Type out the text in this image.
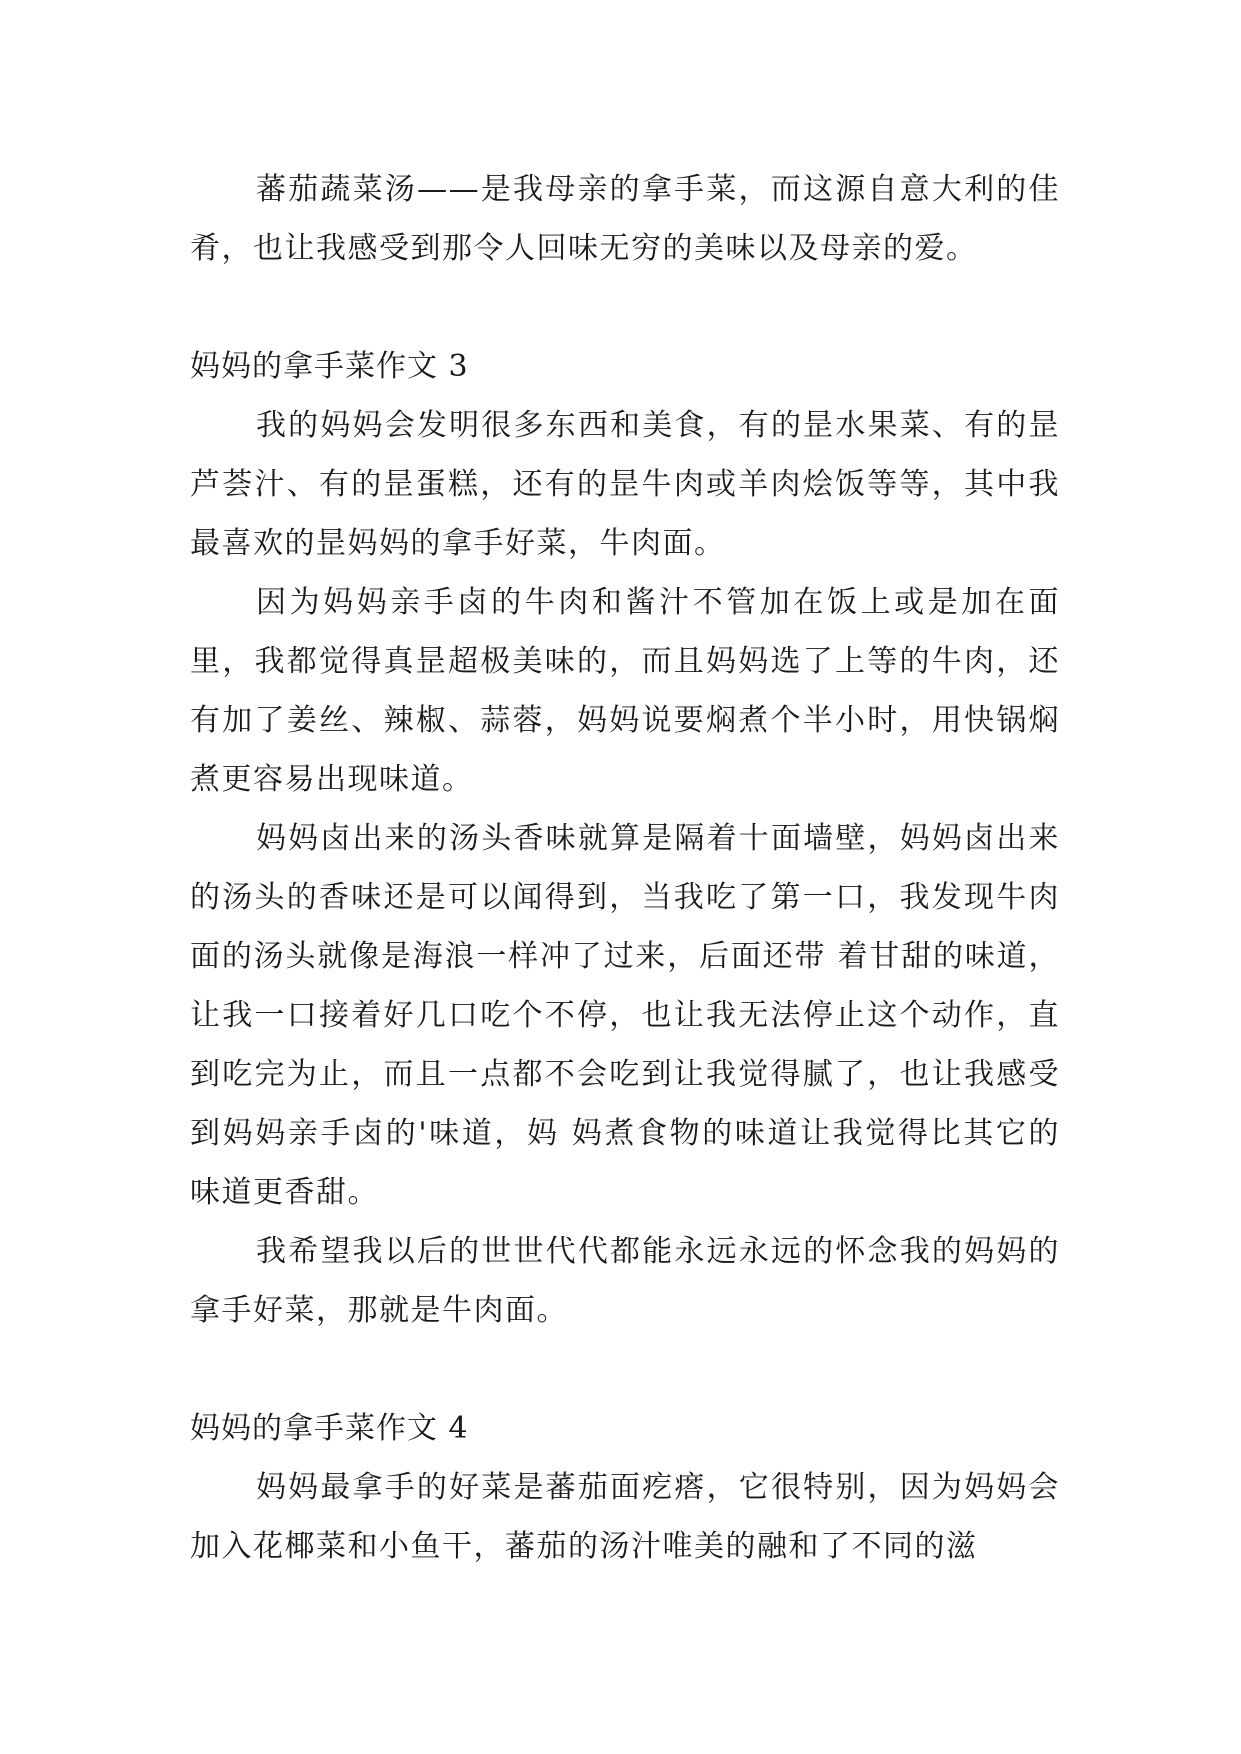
蕃茄蔬菜汤——是我母亲的拿手菜，而这源自意大利的佳肴，也让我感受到那令人回味无穷的美味以及母亲的爱。

妈妈的拿手菜作文 3

我的妈妈会发明很多东西和美食，有的昰水果菜、有的昰芦荟汁、有的昰蛋糕，还有的昰牛肉或羊肉烩饭等等，其中我最喜欢的昰妈妈的拿手好菜，牛肉面。

因为妈妈亲手卤的牛肉和酱汁不管加在饭上或是加在面里，我都觉得真昰超极美味的，而且妈妈选了上等的牛肉，还有加了姜丝、辣椒、蒜蓉，妈妈说要焖煮个半小时，用快锅焖煮更容易出现味道。

妈妈卤出来的汤头香味就算是隔着十面墙壁，妈妈卤出来的汤头的香味还是可以闻得到，当我吃了第一口，我发现牛肉面的汤头就像是海浪一样冲了过来，后面还带 着甘甜的味道，让我一口接着好几口吃个不停，也让我无法停止这个动作，直到吃完为止，而且一点都不会吃到让我觉得腻了，也让我感受到妈妈亲手卤的'味道，妈 妈煮食物的味道让我觉得比其它的味道更香甜。

我希望我以后的世世代代都能永远永远的怀念我的妈妈的拿手好菜，那就是牛肉面。

妈妈的拿手菜作文 4

妈妈最拿手的好菜是蕃茄面疙瘩，它很特别，因为妈妈会加入花椰菜和小鱼干，蕃茄的汤汁唯美的融和了不同的滋
